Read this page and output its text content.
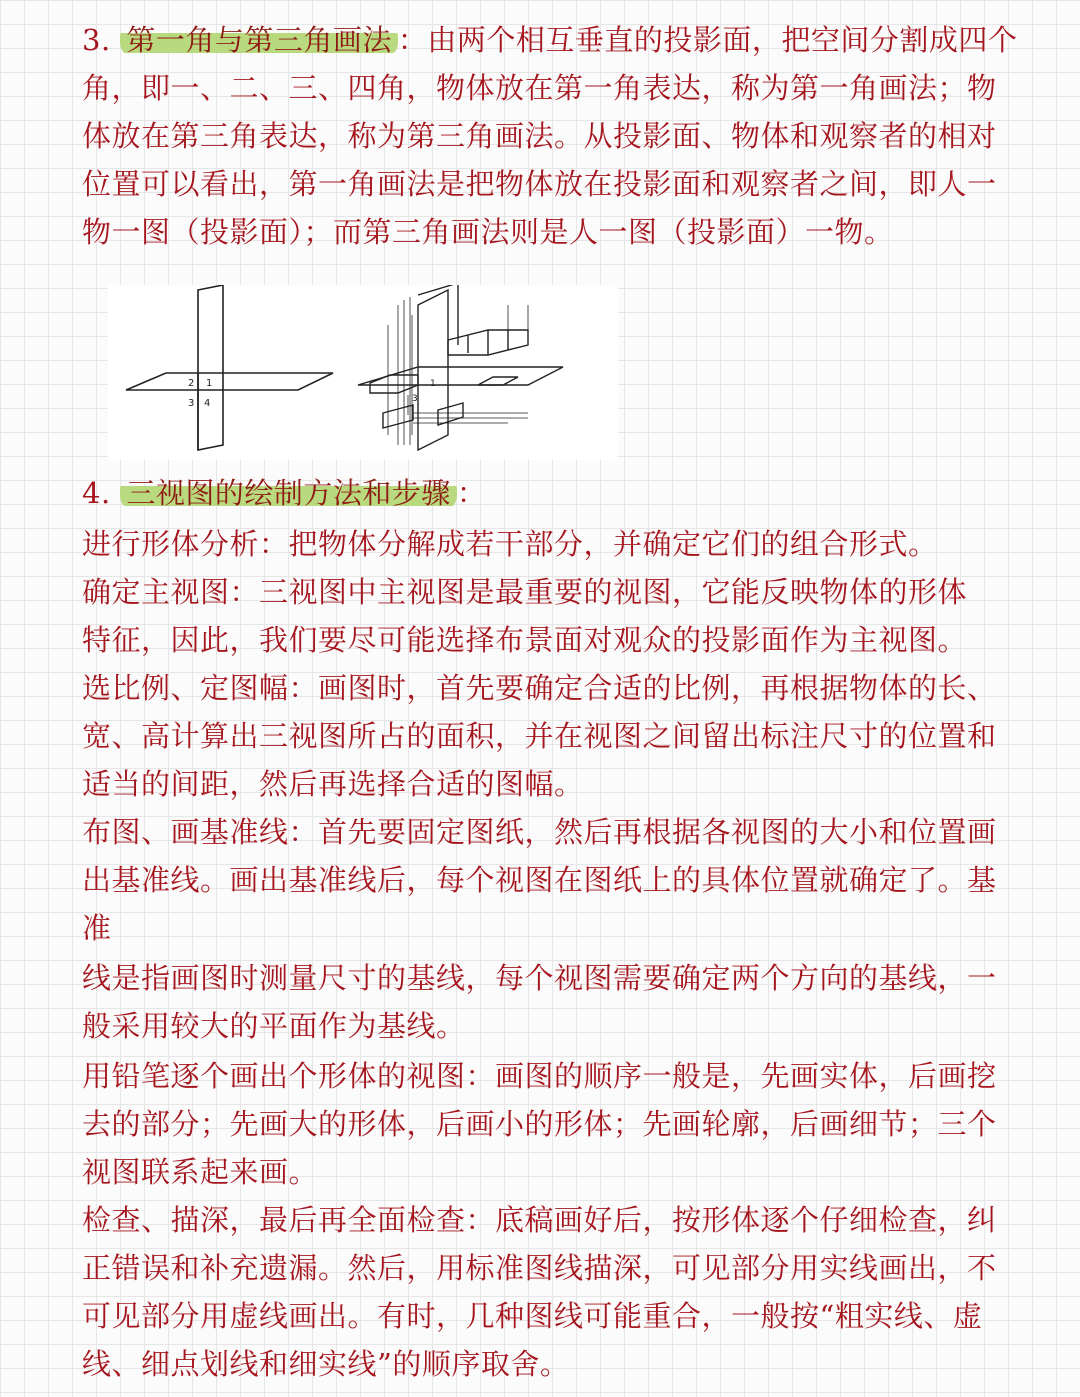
3. 第一角与第三角画法 ：由两个相互垂直的投影面，把空间分割成四个
角，即一、二、三、四角，物体放在第一角表达，称为第一角画法；物
体放在第三角表达，称为第三角画法。从投影面、物体和观察者的相对
位置可以看出，第一角画法是把物体放在投影面和观察者之间，即人一
物一图（投影面）；而第三角画法则是人一图（投影面）一物。
2 1
3 4
1
3
4. 三视图的绘制方法和步骤 ：
进行形体分析：把物体分解成若干部分，并确定它们的组合形式。
确定主视图：三视图中主视图是最重要的视图，它能反映物体的形体
特征，因此，我们要尽可能选择布景面对观众的投影面作为主视图。
选比例、定图幅：画图时，首先要确定合适的比例，再根据物体的长、
宽、高计算出三视图所占的面积，并在视图之间留出标注尺寸的位置和
适当的间距，然后再选择合适的图幅。
布图、画基准线：首先要固定图纸，然后再根据各视图的大小和位置画
出基准线。画出基准线后，每个视图在图纸上的具体位置就确定了。基
准
线是指画图时测量尺寸的基线，每个视图需要确定两个方向的基线，一
般采用较大的平面作为基线。
用铅笔逐个画出个形体的视图：画图的顺序一般是，先画实体，后画挖
去的部分；先画大的形体，后画小的形体；先画轮廓，后画细节；三个
视图联系起来画。
检查、描深，最后再全面检查：底稿画好后，按形体逐个仔细检查，纠
正错误和补充遗漏。然后，用标准图线描深，可见部分用实线画出，不
可见部分用虚线画出。有时，几种图线可能重合，一般按“粗实线、虚
线、细点划线和细实线”的顺序取舍。
